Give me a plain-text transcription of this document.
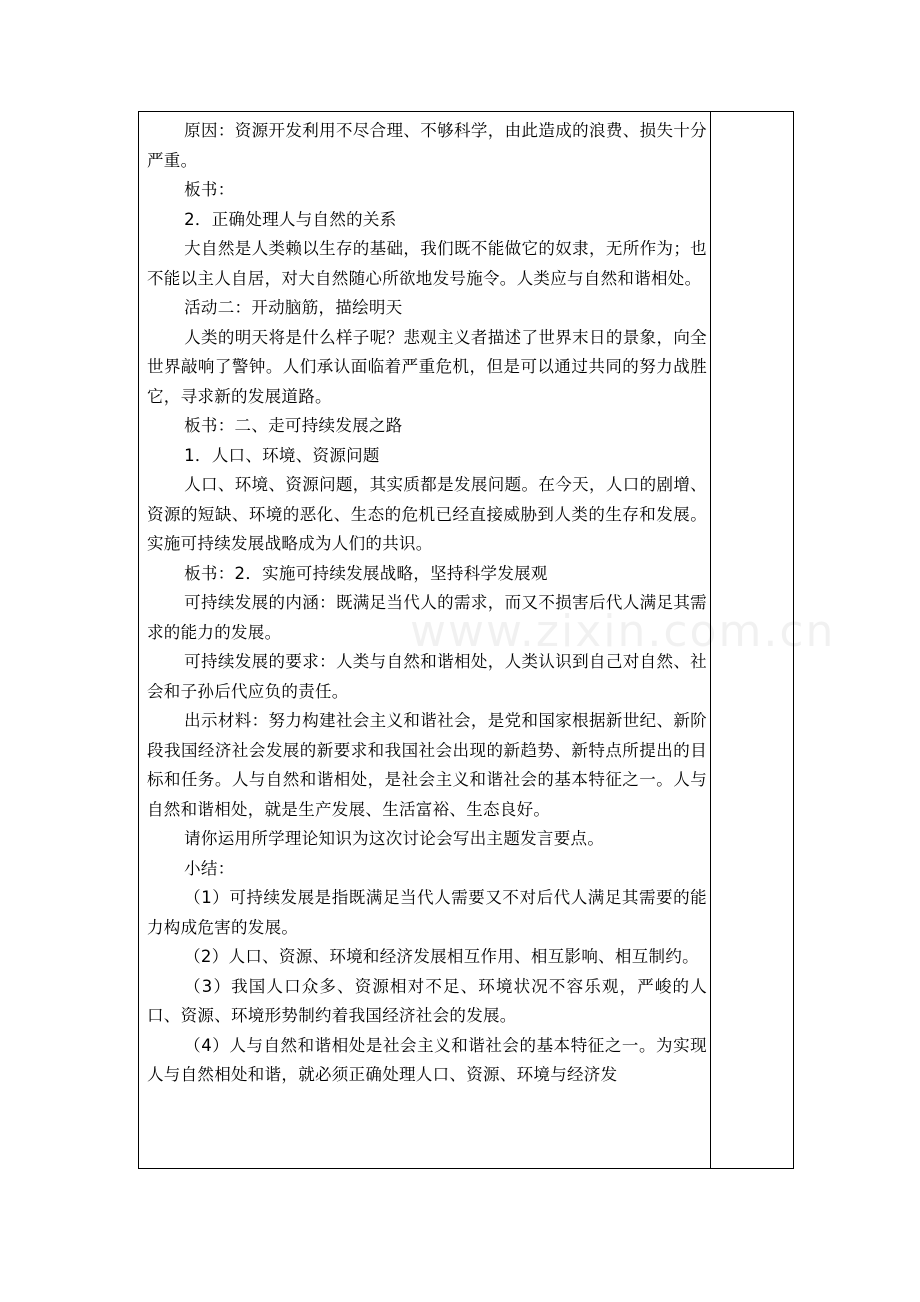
原因：资源开发利用不尽合理、不够科学，由此造成的浪费、损失十分严重。

板书：

2．正确处理人与自然的关系

大自然是人类赖以生存的基础，我们既不能做它的奴隶，无所作为；也不能以主人自居，对大自然随心所欲地发号施令。人类应与自然和谐相处。

活动二：开动脑筋，描绘明天

人类的明天将是什么样子呢？悲观主义者描述了世界末日的景象，向全世界敲响了警钟。人们承认面临着严重危机，但是可以通过共同的努力战胜它，寻求新的发展道路。

板书：二、走可持续发展之路

1．人口、环境、资源问题

人口、环境、资源问题，其实质都是发展问题。在今天，人口的剧增、资源的短缺、环境的恶化、生态的危机已经直接威胁到人类的生存和发展。实施可持续发展战略成为人们的共识。

板书：2．实施可持续发展战略，坚持科学发展观

可持续发展的内涵：既满足当代人的需求，而又不损害后代人满足其需求的能力的发展。

可持续发展的要求：人类与自然和谐相处，人类认识到自己对自然、社会和子孙后代应负的责任。

出示材料：努力构建社会主义和谐社会，是党和国家根据新世纪、新阶段我国经济社会发展的新要求和我国社会出现的新趋势、新特点所提出的目标和任务。人与自然和谐相处，是社会主义和谐社会的基本特征之一。人与自然和谐相处，就是生产发展、生活富裕、生态良好。

请你运用所学理论知识为这次讨论会写出主题发言要点。

小结：

（1）可持续发展是指既满足当代人需要又不对后代人满足其需要的能力构成危害的发展。

（2）人口、资源、环境和经济发展相互作用、相互影响、相互制约。

（3）我国人口众多、资源相对不足、环境状况不容乐观，严峻的人口、资源、环境形势制约着我国经济社会的发展。

（4）人与自然和谐相处是社会主义和谐社会的基本特征之一。为实现人与自然相处和谐，就必须正确处理人口、资源、环境与经济发

www.zixin.com.cn
